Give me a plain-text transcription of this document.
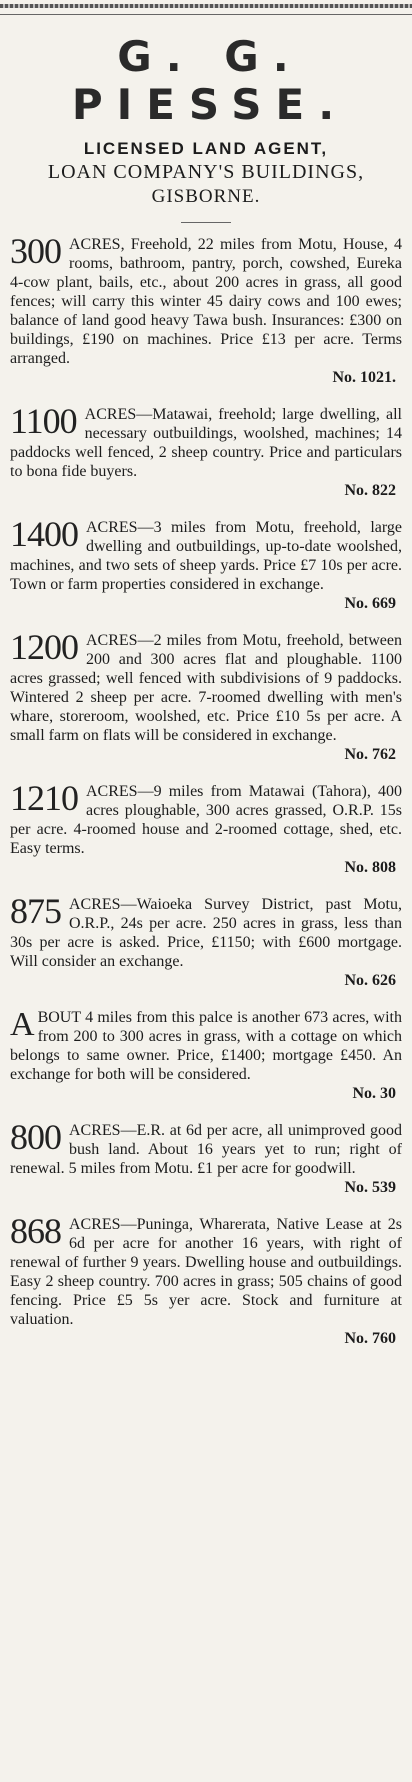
G. G. PIESSE.
LICENSED LAND AGENT,
LOAN COMPANY'S BUILDINGS,
GISBORNE.
300 ACRES, Freehold, 22 miles from Motu, House, 4 rooms, bathroom, pantry, porch, cowshed, Eureka 4-cow plant, bails, etc., about 200 acres in grass, all good fences; will carry this winter 45 dairy cows and 100 ewes; balance of land good heavy Tawa bush. Insurances: £300 on buildings, £190 on machines. Price £13 per acre. Terms arranged.
No. 1021.
1100 ACRES—Matawai, freehold; large dwelling, all necessary outbuildings, woolshed, machines; 14 paddocks well fenced, 2 sheep country. Price and particulars to bona fide buyers.
No. 822
1400 ACRES—3 miles from Motu, freehold, large dwelling and outbuildings, up-to-date woolshed, machines, and two sets of sheep yards. Price £7 10s per acre. Town or farm properties considered in exchange.
No. 669
1200 ACRES—2 miles from Motu, freehold, between 200 and 300 acres flat and ploughable. 1100 acres grassed; well fenced with subdivisions of 9 paddocks. Wintered 2 sheep per acre. 7-roomed dwelling with men's whare, storeroom, woolshed, etc. Price £10 5s per acre. A small farm on flats will be considered in exchange.
No. 762
1210 ACRES—9 miles from Matawai (Tahora), 400 acres ploughable, 300 acres grassed, O.R.P. 15s per acre. 4-roomed house and 2-roomed cottage, shed, etc. Easy terms.
No. 808
875 ACRES—Waioeka Survey District, past Motu, O.R.P., 24s per acre. 250 acres in grass, less than 30s per acre is asked. Price, £1150; with £600 mortgage. Will consider an exchange.
No. 626
A BOUT 4 miles from this palce is another 673 acres, with from 200 to 300 acres in grass, with a cottage on which belongs to same owner. Price, £1400; mortgage £450. An exchange for both will be considered.
No. 30
800 ACRES—E.R. at 6d per acre, all unimproved good bush land. About 16 years yet to run; right of renewal. 5 miles from Motu. £1 per acre for goodwill.
No. 539
868 ACRES—Puninga, Wharerata, Native Lease at 2s 6d per acre for another 16 years, with right of renewal of further 9 years. Dwelling house and outbuildings. Easy 2 sheep country. 700 acres in grass; 505 chains of good fencing. Price £5 5s yer acre. Stock and furniture at valuation.
No. 760
